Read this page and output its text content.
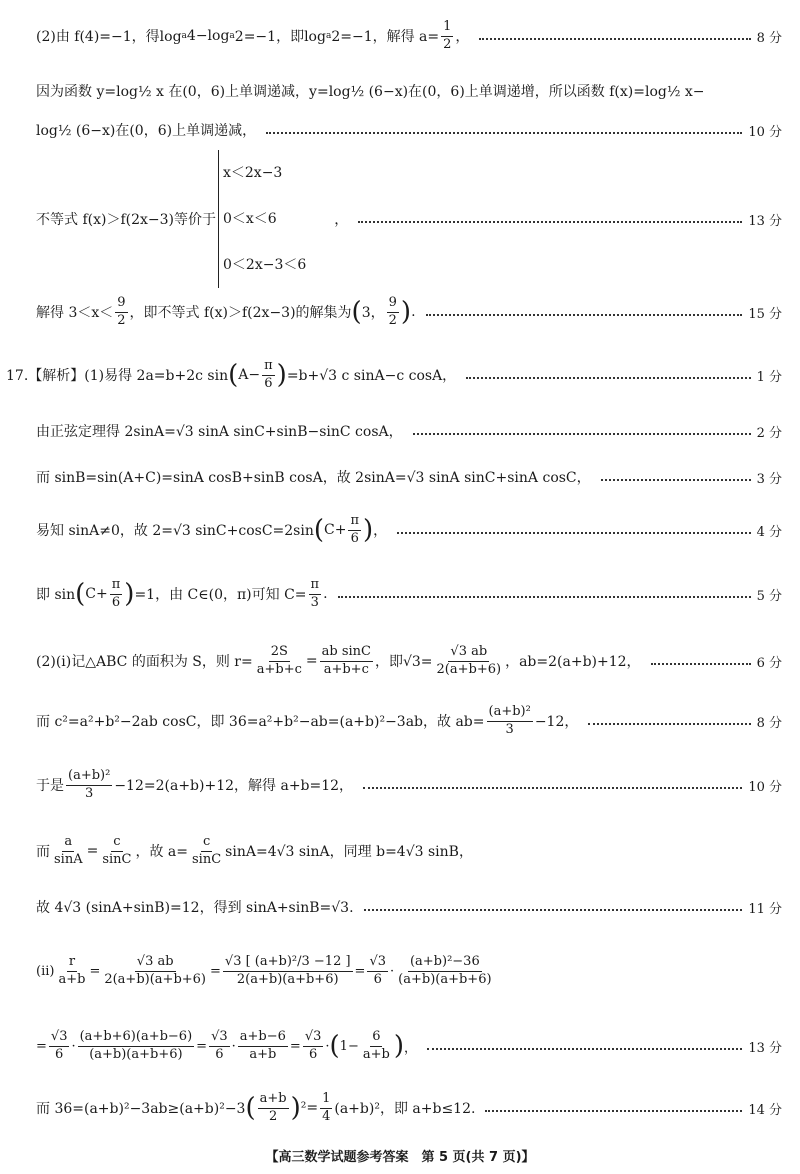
(2)由 f(4)=−1，得log a 4−log a 2=−1，即log a 2=−1，解得 $a= \frac{1}{2}$ ，	8 分
因为函数 y=log½ x 在(0，6)上单调递减，y=log½ (6−x)在(0，6)上单调递增，所以函数 f(x)=log½ x−
log½ (6−x)在(0，6)上单调递减，	10 分
不等式 f(x)＞f(2x−3)等价于
x＜2x−3
0＜x＜6
0＜2x−3＜6
，	13 分
解得 $3<x< \frac{9}{2}$ ，即不等式 f(x)＞f(2x−3)的解集为 ( 3， $\frac{9}{2}$ ) .	15 分
17.【解析】(1)易得 2a=b+2c sin ( $A- \frac{\pi}{6}$ ) =b+√3 c sinA−c cosA，	1 分
由正弦定理得 2sinA=√3 sinA sinC+sinB−sinC cosA，	2 分
而 sinB=sin(A+C)=sinA cosB+sinB cosA，故 2sinA=√3 sinA sinC+sinA cosC，	3 分
易知 sinA≠0，故 2=√3 sinC+cosC=2sin ( $C+ \frac{\pi}{6}$ ) ，	4 分
即 sin ( $C+ \frac{\pi}{6}$ ) =1，由 C∈(0，π)可知 $C= \frac{\pi}{3}$ .	5 分
(2)(i)记△ABC 的面积为 S，则 $r= \frac{2S}{a+b+c} = \frac{\text{ab sinC}}{a+b+c}$ ，即$√3= \frac{√3 ab}{2(a+b+6)}$ ，ab=2(a+b)+12，	6 分
而 c²=a²+b²−2ab cosC，即 36=a²+b²−ab=(a+b)²−3ab，故 $ab= \frac{\text{(a+b)²}}{3} -12$，	8 分
于是 $\frac{\text{(a+b)²}}{3} -12=2(a+b)+12$，解得 a+b=12，	10 分
而 $\frac{a}{\sin A} = \frac{c}{\sin C}$ ，故 $a= \frac{c}{\sin C} \sin A=4√3$ sinA，同理 b=4√3 sinB，
故 4√3 (sinA+sinB)=12，得到 sinA+sinB=√3.	11 分
$(ii) \frac{r}{a+b} = \frac{√3 ab}{2(a+b)(a+b+6)} = \frac{\text{√3 [ (a+b)²/3 −12 ]}}{2(a+b)(a+b+6)} = \frac{√3}{6} \cdot \frac{\text{(a+b)²−36}}{(a+b)(a+b+6)}$
= $\frac{√3}{6} \cdot \frac{(a+b+6)(a+b-6)}{(a+b)(a+b+6)} = \frac{√3}{6} \cdot \frac{a+b-6}{a+b} = \frac{√3}{6}$ · ( $1- \frac{6}{a+b}$ ) ，	13 分
而 36=(a+b)²−3ab≥(a+b)²−3 ( $\frac{a+b}{2}$ ) $^2= \frac{1}{4} (a+b)^2$，即 a+b≤12.	14 分
【高三数学试题参考答案　第 5 页(共 7 页)】
